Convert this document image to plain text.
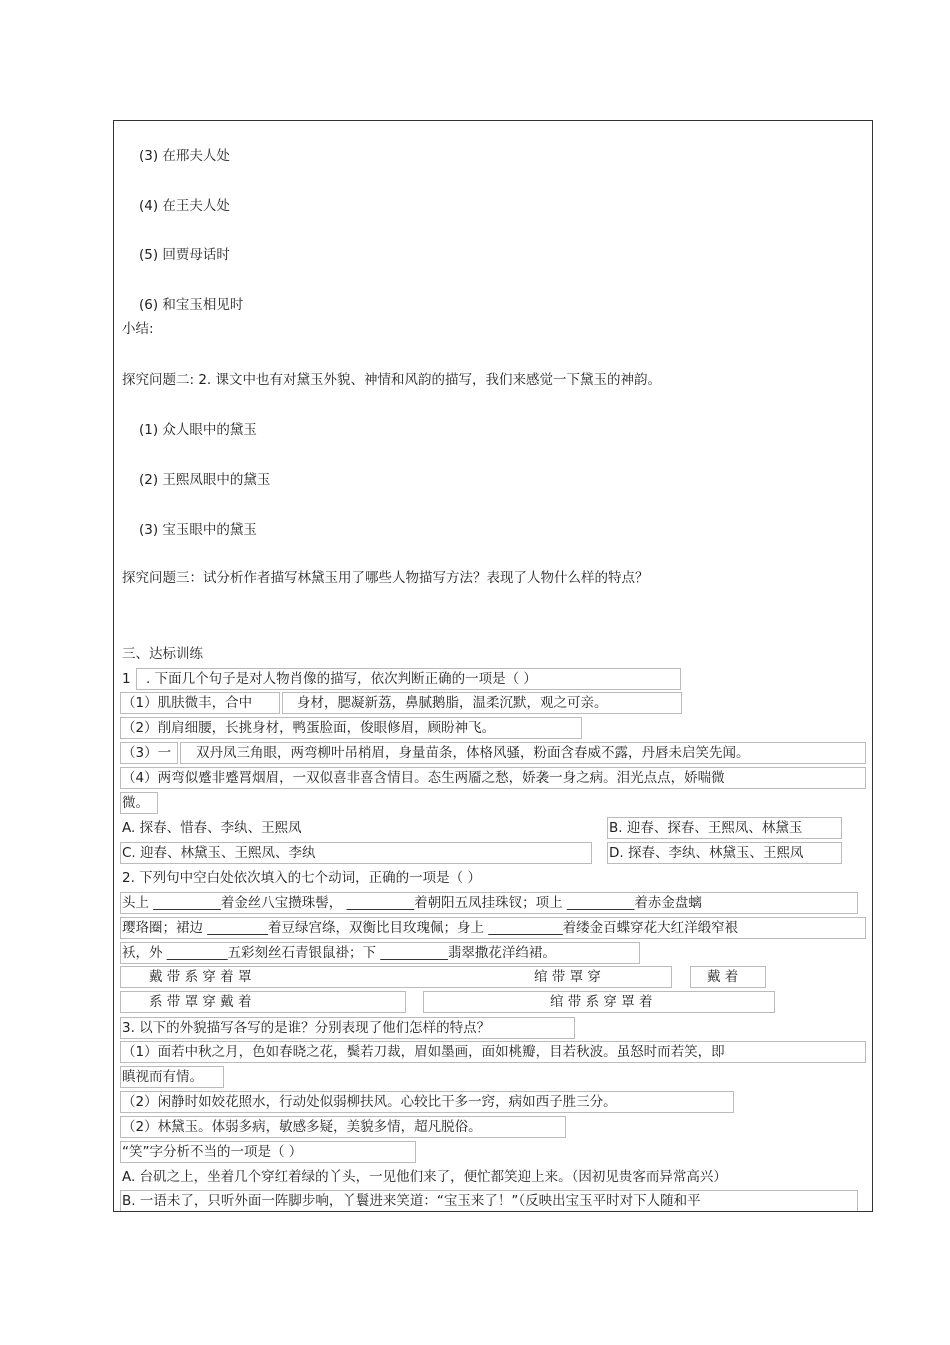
(3) 在邢夫人处
(4) 在王夫人处
(5) 回贾母话时
(6) 和宝玉相见时
小结:
探究问题二: 2. 课文中也有对黛玉外貌、神情和风韵的描写，我们来感觉一下黛玉的神韵。
(1) 众人眼中的黛玉
(2) 王熙凤眼中的黛玉
(3) 宝玉眼中的黛玉
探究问题三：试分析作者描写林黛玉用了哪些人物描写方法？表现了人物什么样的特点？
三、达标训练
1 . 下面几个句子是对人物肖像的描写，依次判断正确的一项是（ ）
（1）肌肤微丰，合中	身材，腮凝新荔，鼻腻鹅脂，温柔沉默，观之可亲。
（2）削肩细腰，长挑身材，鸭蛋脸面，俊眼修眉，顾盼神飞。
（3）一 双丹凤三角眼，两弯柳叶吊梢眉，身量苗条，体格风骚，粉面含春威不露，丹唇未启笑先闻。
（4）两弯似蹙非蹙罥烟眉，一双似喜非喜含情目。态生两靥之愁，娇袭一身之病。泪光点点，娇喘微
微。
A. 探春、惜春、李纨、王熙凤	B. 迎春、探春、王熙凤、林黛玉
C. 迎春、林黛玉、王熙凤、李纨	D. 探春、李纨、林黛玉、王熙凤
2. 下列句中空白处依次填入的七个动词，正确的一项是（ ）
头上 __________着金丝八宝攒珠髻， __________着朝阳五凤挂珠钗；项上 __________着赤金盘螭
璎珞圈；裙边 _________着豆绿宫绦，双衡比目玫瑰佩；身上 ___________着缕金百蝶穿花大红洋缎窄裉
袄，外 _________五彩刻丝石青银鼠褂；下 __________翡翠撒花洋绉裙。
戴 带 系 穿 着 罩	绾 带 罩 穿	戴 着
系 带 罩 穿 戴 着	绾 带 系 穿 罩 着
3. 以下的外貌描写各写的是谁？分别表现了他们怎样的特点？
（1）面若中秋之月，色如春晓之花，鬓若刀裁，眉如墨画，面如桃瓣，目若秋波。虽怒时而若笑，即
瞋视而有情。
（2）闲静时如姣花照水，行动处似弱柳扶风。心较比干多一窍，病如西子胜三分。
（2）林黛玉。体弱多病，敏感多疑，美貌多情，超凡脱俗。
“笑”字分析不当的一项是（ ）
A. 台矶之上，坐着几个穿红着绿的丫头，一见他们来了，便忙都笑迎上来。（因初见贵客而异常高兴）
B. 一语未了，只听外面一阵脚步响，丫鬟进来笑道：“宝玉来了！”（反映出宝玉平时对下人随和平
